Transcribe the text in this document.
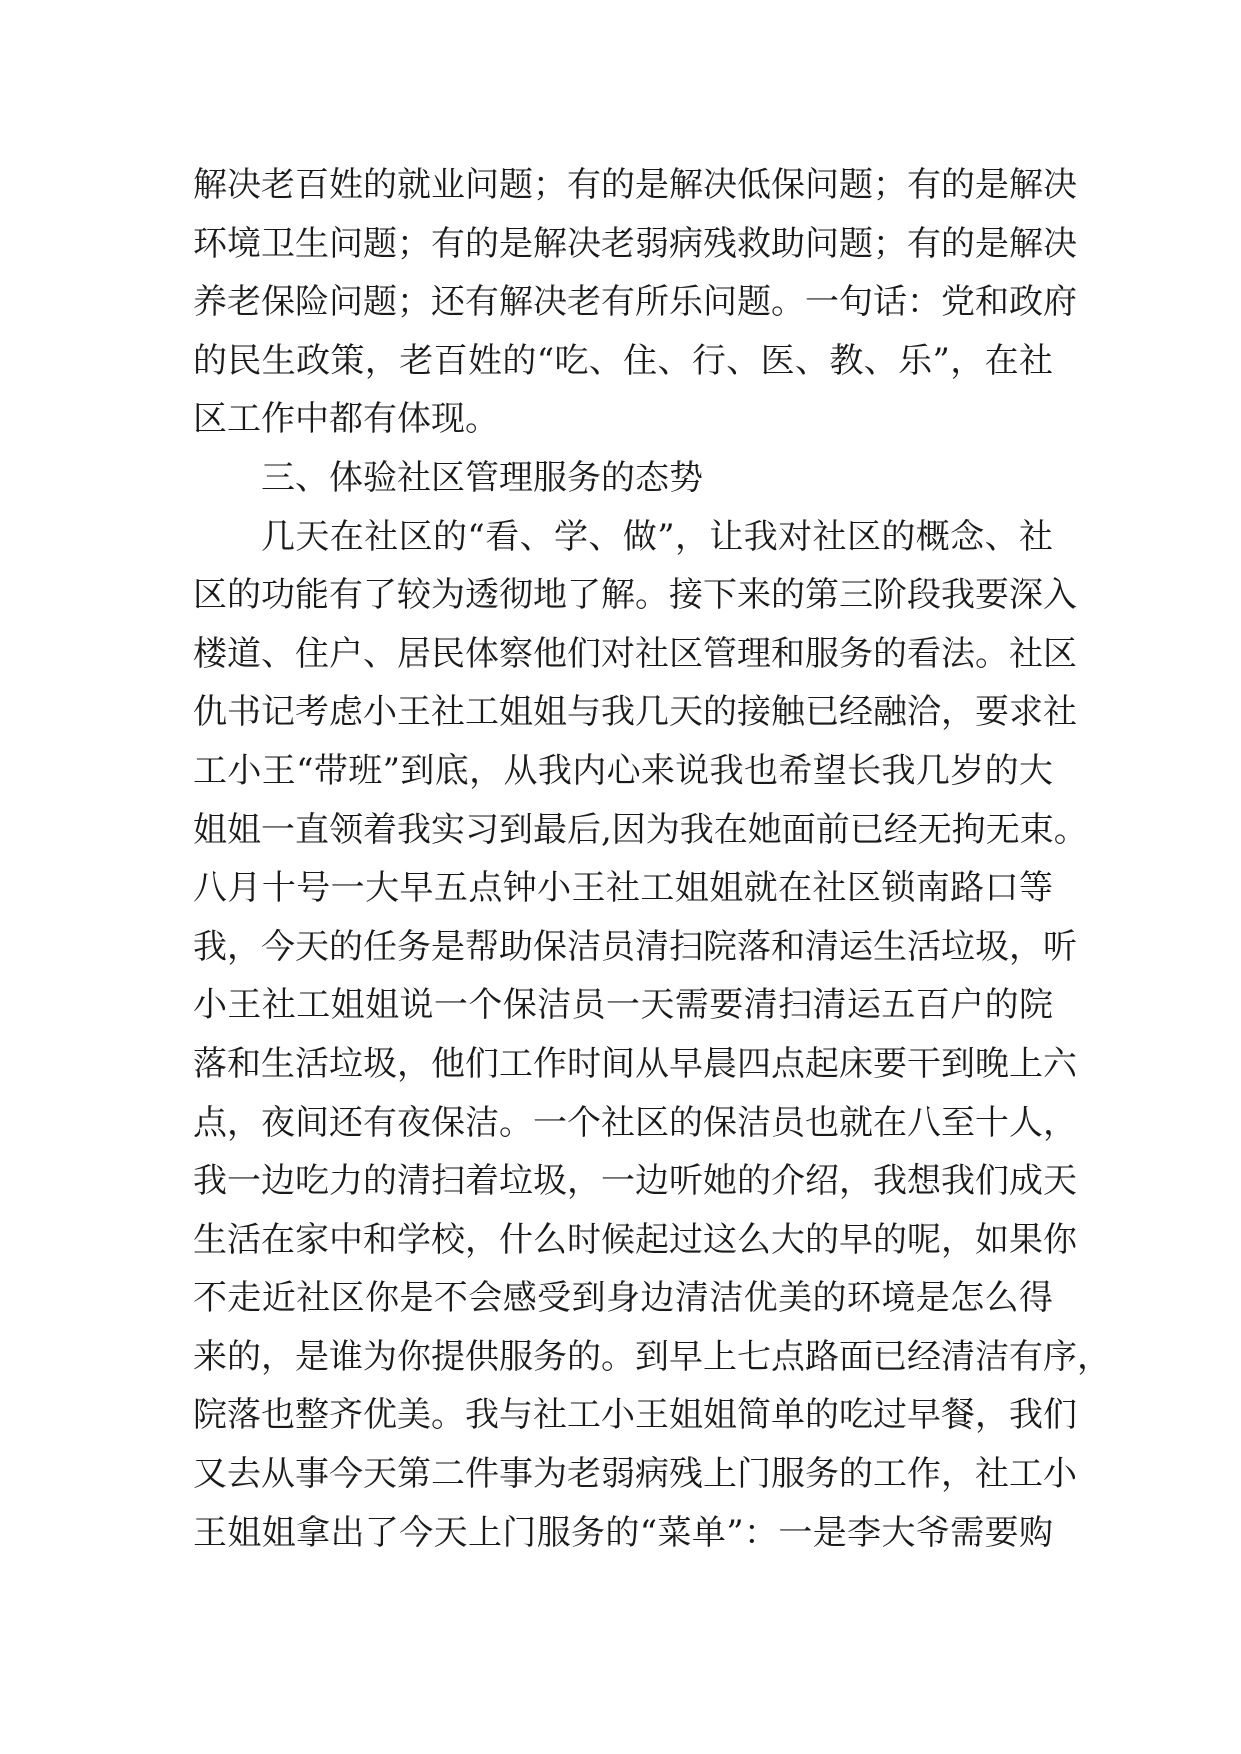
解决老百姓的就业问题；有的是解决低保问题；有的是解决
环境卫生问题；有的是解决老弱病残救助问题；有的是解决
养老保险问题；还有解决老有所乐问题。一句话：党和政府
的民生政策，老百姓的“吃、住、行、医、教、乐”，在社
区工作中都有体现。
三、体验社区管理服务的态势
几天在社区的“看、学、做”，让我对社区的概念、社
区的功能有了较为透彻地了解。接下来的第三阶段我要深入
楼道、住户、居民体察他们对社区管理和服务的看法。社区
仇书记考虑小王社工姐姐与我几天的接触已经融洽，要求社
工小王“带班”到底，从我内心来说我也希望长我几岁的大
姐姐一直领着我实习到最后,因为我在她面前已经无拘无束。
八月十号一大早五点钟小王社工姐姐就在社区锁南路口等
我，今天的任务是帮助保洁员清扫院落和清运生活垃圾，听
小王社工姐姐说一个保洁员一天需要清扫清运五百户的院
落和生活垃圾，他们工作时间从早晨四点起床要干到晚上六
点，夜间还有夜保洁。一个社区的保洁员也就在八至十人，
我一边吃力的清扫着垃圾，一边听她的介绍，我想我们成天
生活在家中和学校，什么时候起过这么大的早的呢，如果你
不走近社区你是不会感受到身边清洁优美的环境是怎么得
来的，是谁为你提供服务的。到早上七点路面已经清洁有序，
院落也整齐优美。我与社工小王姐姐简单的吃过早餐，我们
又去从事今天第二件事为老弱病残上门服务的工作，社工小
王姐姐拿出了今天上门服务的“菜单”：一是李大爷需要购
